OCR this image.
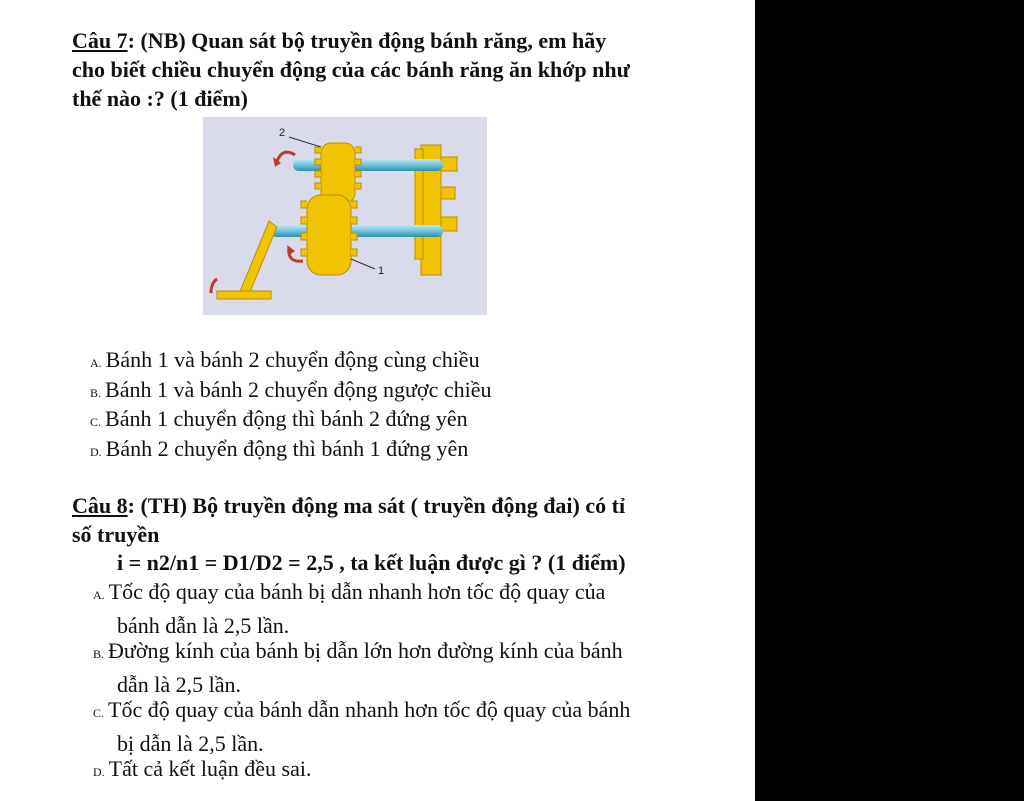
Câu 7: (NB) Quan sát bộ truyền động bánh răng, em hãy
cho biết chiều chuyển động của các bánh răng ăn khớp như
thế nào :? (1 điểm)
2
1
A. Bánh 1 và bánh 2 chuyển động cùng chiều
B. Bánh 1 và bánh 2 chuyển động ngược chiều
C. Bánh 1 chuyển động thì bánh 2 đứng yên
D. Bánh 2 chuyển động thì bánh 1 đứng yên
Câu 8: (TH) Bộ truyền động ma sát ( truyền động đai) có tỉ
số truyền
i = n2/n1 = D1/D2 = 2,5 , ta kết luận được gì ? (1 điểm)
A. Tốc độ quay của bánh bị dẫn nhanh hơn tốc độ quay của
bánh dẫn là 2,5 lần.
B. Đường kính của bánh bị dẫn lớn hơn đường kính của bánh
dẫn là 2,5 lần.
C. Tốc độ quay của bánh dẫn nhanh hơn tốc độ quay của bánh
bị dẫn là 2,5 lần.
D. Tất cả kết luận đều sai.
